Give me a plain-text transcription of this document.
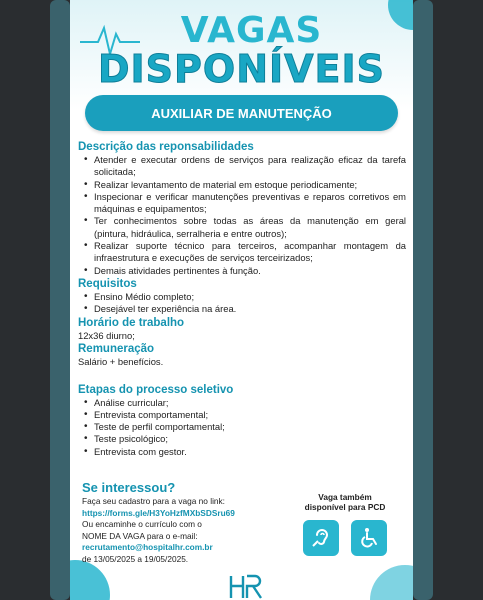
VAGAS
DISPONÍVEIS
AUXILIAR DE MANUTENÇÃO
Descrição das reponsabilidades
• Atender e executar ordens de serviços para realização eficaz da tarefa solicitada;
• Realizar levantamento de material em estoque periodicamente;
• Inspecionar e verificar manutenções preventivas e reparos corretivos em máquinas e equipamentos;
• Ter conhecimentos sobre todas as áreas da manutenção em geral (pintura, hidráulica, serralheria e entre outros);
• Realizar suporte técnico para terceiros, acompanhar montagem da infraestrutura e execuções de serviços terceirizados;
• Demais atividades pertinentes à função.
Requisitos
• Ensino Médio completo;
• Desejável ter experiência na área.
Horário de trabalho
12x36 diurno;
Remuneração
Salário + benefícios.
Etapas do processo seletivo
• Análise curricular;
• Entrevista comportamental;
• Teste de perfil comportamental;
• Teste psicológico;
• Entrevista com gestor.
Se interessou?
Faça seu cadastro para a vaga no link:
https://forms.gle/H3YoHzfMXbSDSru69
Ou encaminhe o currículo com o
NOME DA VAGA para o e-mail:
recrutamento@hospitalhr.com.br
de 13/05/2025 a 19/05/2025.
Vaga também
disponível para PCD
